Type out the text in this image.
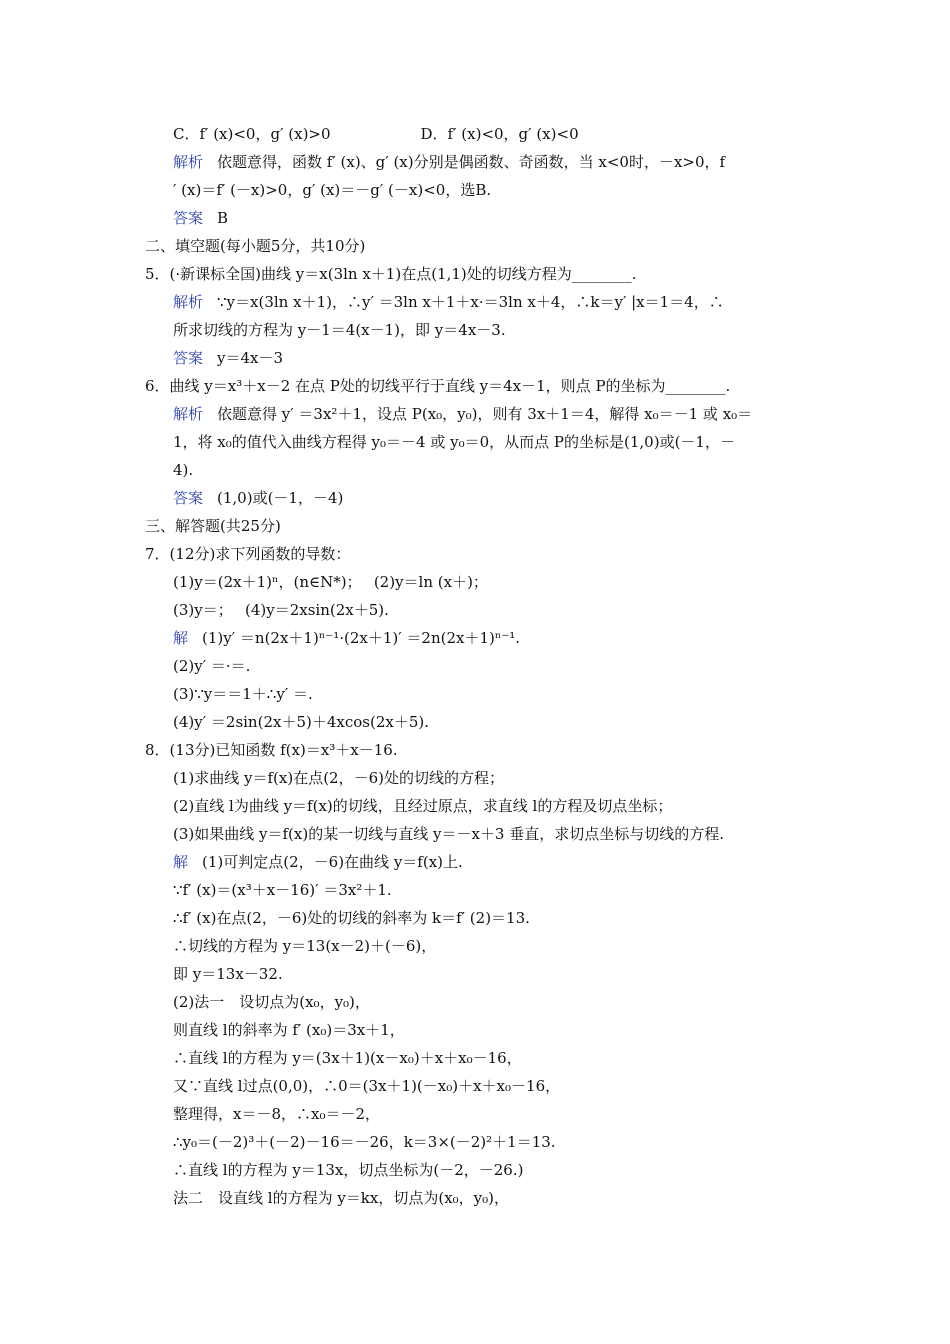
C．f′ (x)<0，g′ (x)>0	D．f′ (x)<0，g′ (x)<0
解析 依题意得，函数 f′ (x)、g′ (x)分别是偶函数、奇函数，当 x<0时，－x>0，f
′ (x)＝f′ (－x)>0，g′ (x)＝－g′ (－x)<0，选B.
答案 B
二、填空题(每小题5分，共10分)
5．(·新课标全国)曲线 y＝x(3ln x＋1)在点(1,1)处的切线方程为________.
解析 ∵y＝x(3ln x＋1)，∴y′ ＝3ln x＋1＋x·＝3ln x＋4，∴k＝y′ |x＝1＝4，∴
所求切线的方程为 y－1＝4(x－1)，即 y＝4x－3.
答案 y＝4x－3
6．曲线 y＝x³＋x－2 在点 P处的切线平行于直线 y＝4x－1，则点 P的坐标为________.
解析 依题意得 y′ ＝3x²＋1，设点 P(x₀，y₀)，则有 3x＋1＝4，解得 x₀＝－1 或 x₀＝
1，将 x₀的值代入曲线方程得 y₀＝－4 或 y₀＝0，从而点 P的坐标是(1,0)或(－1，－
4).
答案 (1,0)或(－1，－4)
三、解答题(共25分)
7．(12分)求下列函数的导数：
(1)y＝(2x＋1)ⁿ，(n∈N*)；　 (2)y＝ln (x＋)；
(3)y＝；　 (4)y＝2xsin(2x＋5).
解 (1)y′ ＝n(2x＋1)ⁿ⁻¹·(2x＋1)′ ＝2n(2x＋1)ⁿ⁻¹.
(2)y′ ＝·＝.
(3)∵y＝＝1＋∴y′ ＝.
(4)y′ ＝2sin(2x＋5)＋4xcos(2x＋5).
8．(13分)已知函数 f(x)＝x³＋x－16.
(1)求曲线 y＝f(x)在点(2，－6)处的切线的方程；
(2)直线 l为曲线 y＝f(x)的切线，且经过原点，求直线 l的方程及切点坐标；
(3)如果曲线 y＝f(x)的某一切线与直线 y＝－x＋3 垂直，求切点坐标与切线的方程.
解 (1)可判定点(2，－6)在曲线 y＝f(x)上.
∵f′ (x)＝(x³＋x－16)′ ＝3x²＋1.
∴f′ (x)在点(2，－6)处的切线的斜率为 k＝f′ (2)＝13.
∴切线的方程为 y＝13(x－2)＋(－6)，
即 y＝13x－32.
(2)法一　设切点为(x₀，y₀)，
则直线 l的斜率为 f′ (x₀)＝3x＋1，
∴直线 l的方程为 y＝(3x＋1)(x－x₀)＋x＋x₀－16，
又∵直线 l过点(0,0)，∴0＝(3x＋1)(－x₀)＋x＋x₀－16，
整理得，x＝－8，∴x₀＝－2，
∴y₀＝(－2)³＋(－2)－16＝－26，k＝3×(－2)²＋1＝13.
∴直线 l的方程为 y＝13x，切点坐标为(－2，－26.)
法二　设直线 l的方程为 y＝kx，切点为(x₀，y₀)，
